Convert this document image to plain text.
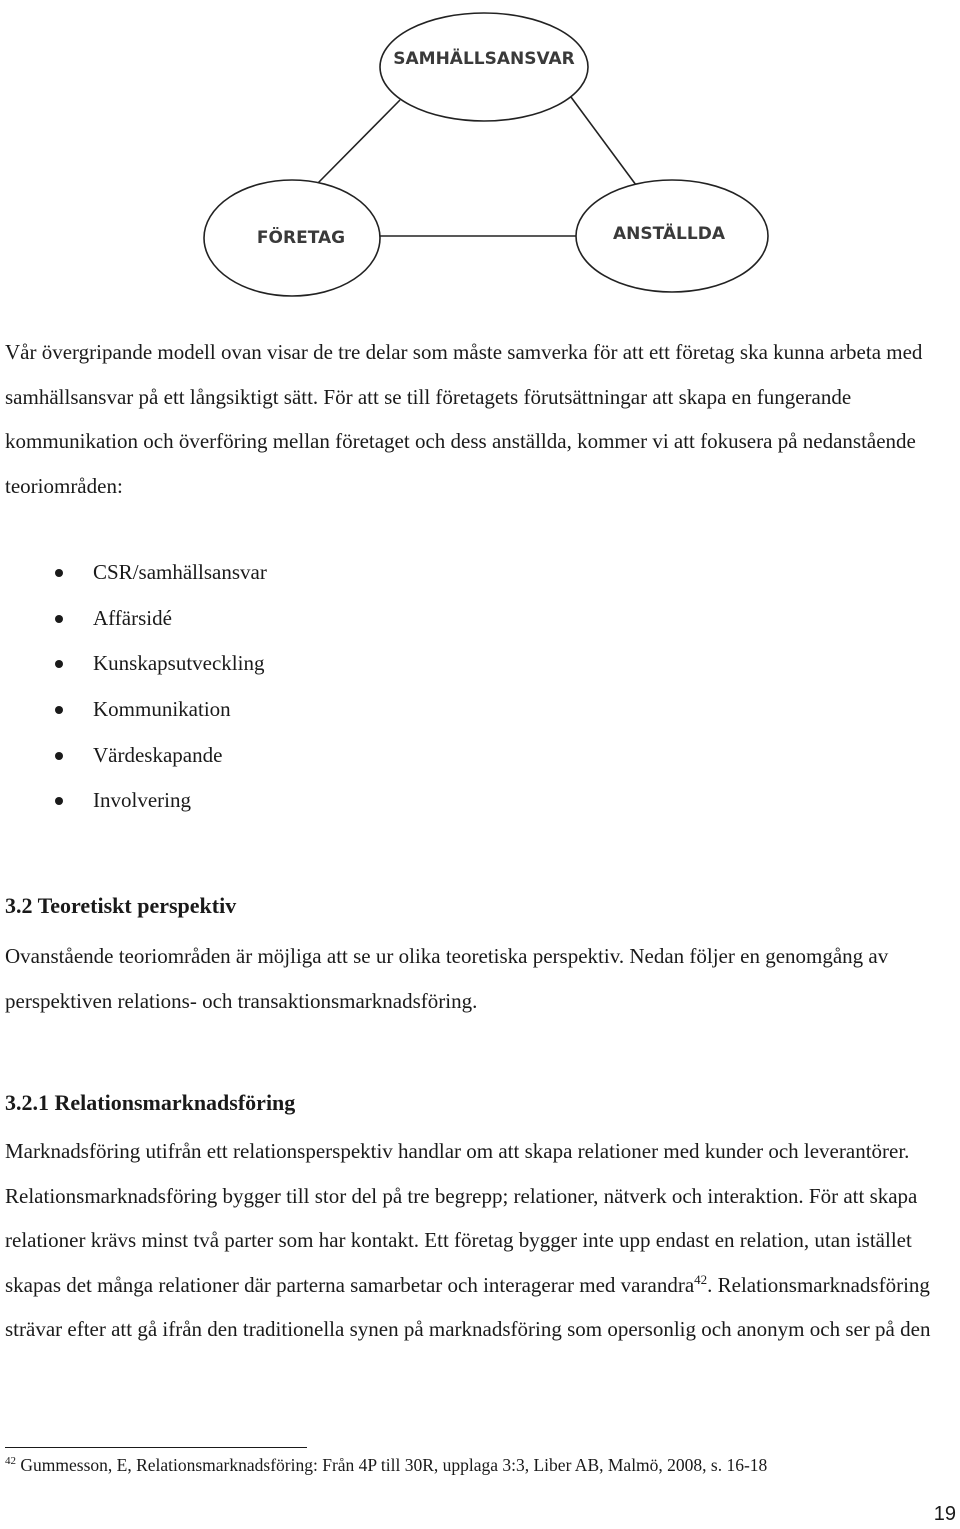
SAMHÄLLSANSVAR
FÖRETAG	ANSTÄLLDA

Vår övergripande modell ovan visar de tre delar som måste samverka för att ett företag ska kunna arbeta med samhällsansvar på ett långsiktigt sätt. För att se till företagets förutsättningar att skapa en fungerande kommunikation och överföring mellan företaget och dess anställda, kommer vi att fokusera på nedanstående teoriområden:

CSR/samhällsansvar
Affärsidé
Kunskapsutveckling
Kommunikation
Värdeskapande
Involvering
3.2 Teoretiskt perspektiv

Ovanstående teoriområden är möjliga att se ur olika teoretiska perspektiv. Nedan följer en genomgång av perspektiven relations- och transaktionsmarknadsföring.

3.2.1 Relationsmarknadsföring

Marknadsföring utifrån ett relationsperspektiv handlar om att skapa relationer med kunder och leverantörer. Relationsmarknadsföring bygger till stor del på tre begrepp; relationer, nätverk och interaktion. För att skapa relationer krävs minst två parter som har kontakt. Ett företag bygger inte upp endast en relation, utan istället skapas det många relationer där parterna samarbetar och interagerar med varandra$^{42}$. Relationsmarknadsföring strävar efter att gå ifrån den traditionella synen på marknadsföring som opersonlig och anonym och ser på den

$^{42}$ Gummesson, E, Relationsmarknadsföring: Från 4P till 30R, upplaga 3:3, Liber AB, Malmö, 2008, s. 16-18
19
